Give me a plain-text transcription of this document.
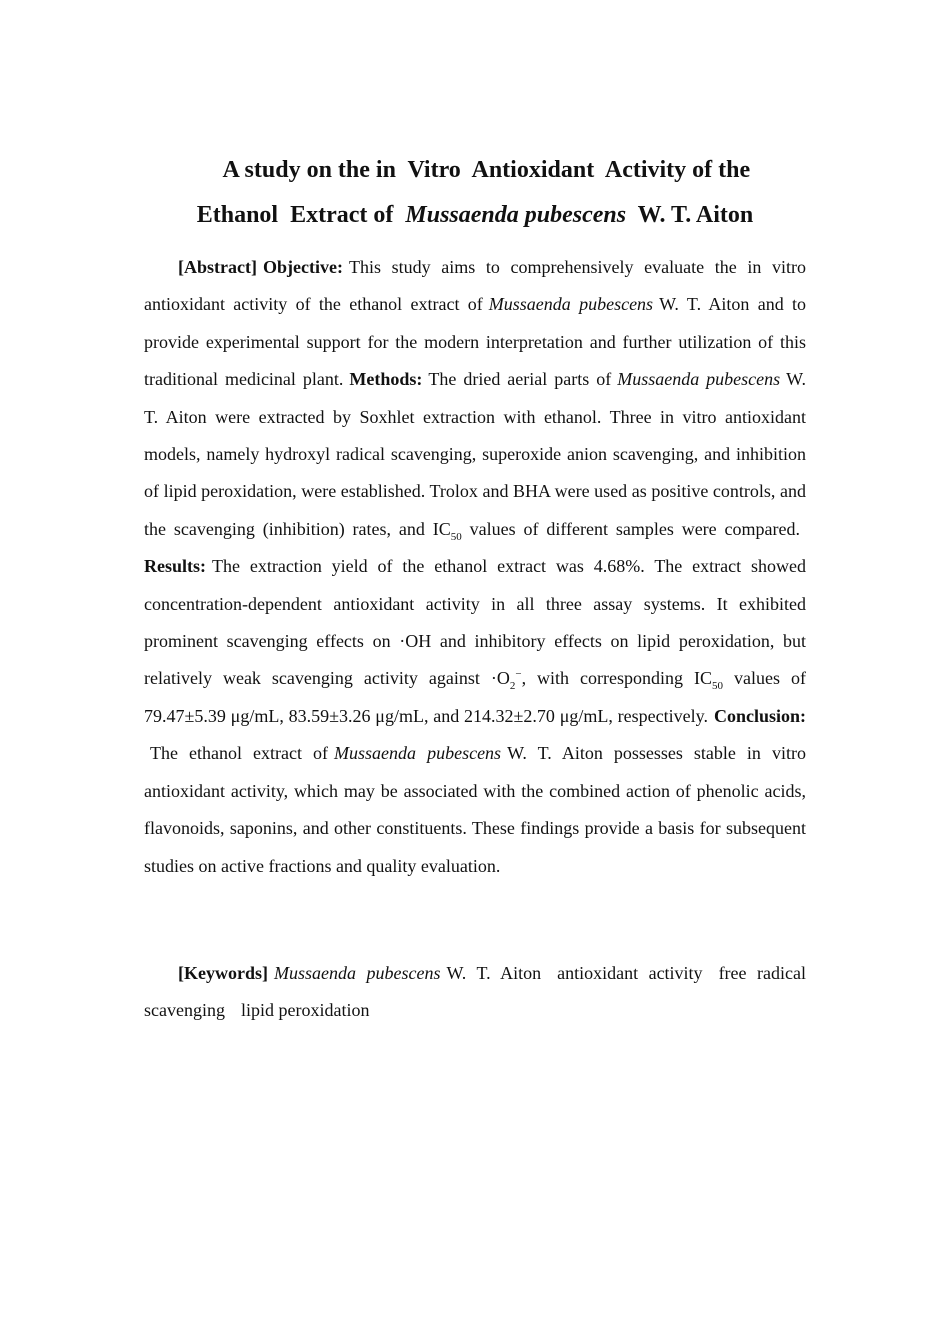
A study on the in  Vitro  Antioxidant  Activity of the

Ethanol  Extract of  Mussaenda pubescens  W. T. Aiton

[Abstract] Objective: This study aims to comprehensively evaluate the in vitro antioxidant activity of the ethanol extract of Mussaenda pubescens W. T. Aiton and to provide experimental support for the modern interpretation and further utilization of this traditional medicinal plant. Methods: The dried aerial parts of Mussaenda pubescens W. T. Aiton were extracted by Soxhlet extraction with ethanol. Three in vitro antioxidant models, namely hydroxyl radical scavenging, superoxide anion scavenging, and inhibition of lipid peroxidation, were established. Trolox and BHA were used as positive controls, and the scavenging (inhibition) rates, and $IC_{50}$ values of different samples were compared.Results: The extraction yield of the ethanol extract was 4.68%. The extract showed concentration-dependent antioxidant activity in all three assay systems. It exhibited prominent scavenging effects on ·OH and inhibitory effects on lipid peroxidation, but relatively weak scavenging activity against $\cdot O_2^-$, with corresponding $IC_{50}$ values of 79.47±5.39 μg/mL, 83.59±3.26 μg/mL, and 214.32±2.70 μg/mL, respectively. Conclusion:The ethanol extract of Mussaenda pubescens W. T. Aiton possesses stable in vitro antioxidant activity, which may be associated with the combined action of phenolic acids, flavonoids, saponins, and other constituents. These findings provide a basis for subsequent studies on active fractions and quality evaluation.

[Keywords] Mussaenda pubescens W. T. Aiton antioxidant activity free radical scavenging lipid peroxidation
